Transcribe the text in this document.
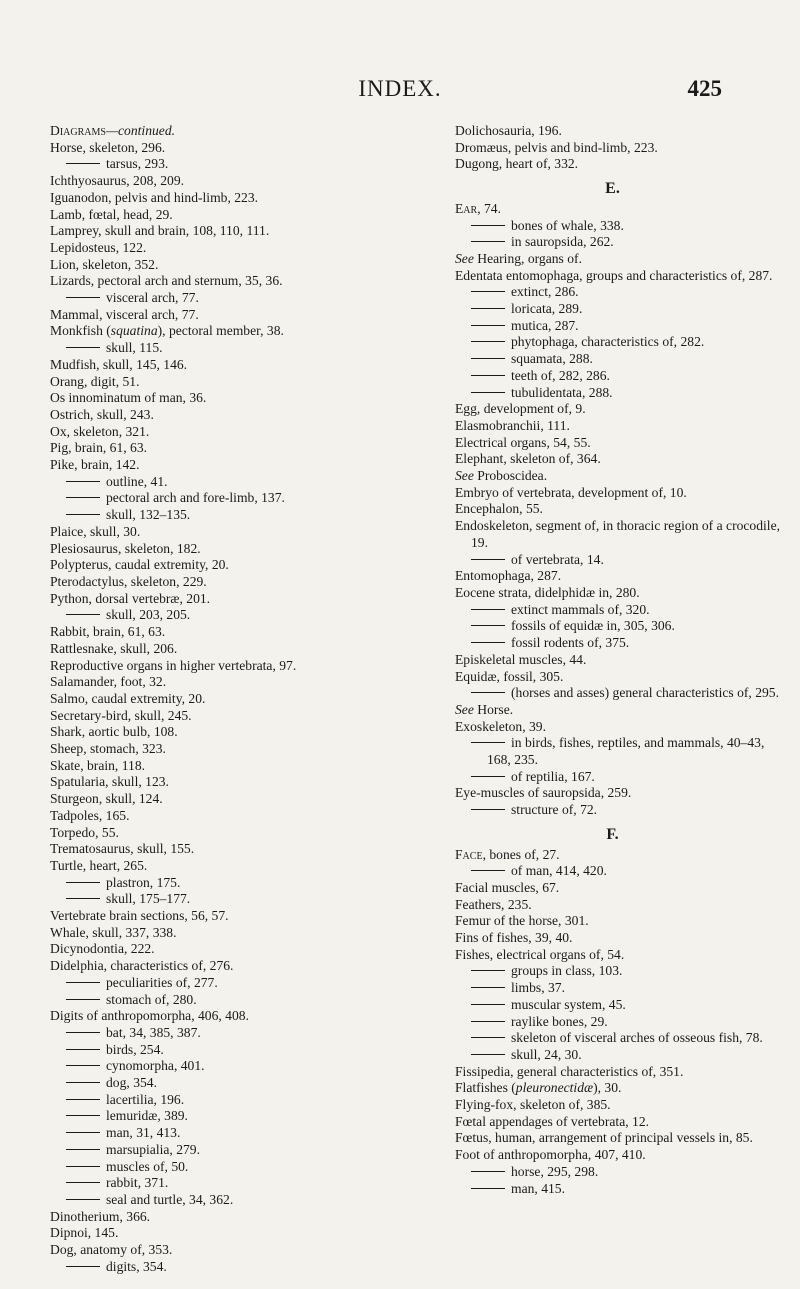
INDEX.	425
Diagrams—continued.
Horse, skeleton, 296.
tarsus, 293.
Ichthyosaurus, 208, 209.
Iguanodon, pelvis and hind-limb, 223.
Lamb, fœtal, head, 29.
Lamprey, skull and brain, 108, 110, 111.
Lepidosteus, 122.
Lion, skeleton, 352.
Lizards, pectoral arch and sternum, 35, 36.
visceral arch, 77.
Mammal, visceral arch, 77.
Monkfish (squatina), pectoral member, 38.
skull, 115.
Mudfish, skull, 145, 146.
Orang, digit, 51.
Os innominatum of man, 36.
Ostrich, skull, 243.
Ox, skeleton, 321.
Pig, brain, 61, 63.
Pike, brain, 142.
outline, 41.
pectoral arch and fore-limb, 137.
skull, 132–135.
Plaice, skull, 30.
Plesiosaurus, skeleton, 182.
Polypterus, caudal extremity, 20.
Pterodactylus, skeleton, 229.
Python, dorsal vertebræ, 201.
skull, 203, 205.
Rabbit, brain, 61, 63.
Rattlesnake, skull, 206.
Reproductive organs in higher vertebrata, 97.
Salamander, foot, 32.
Salmo, caudal extremity, 20.
Secretary-bird, skull, 245.
Shark, aortic bulb, 108.
Sheep, stomach, 323.
Skate, brain, 118.
Spatularia, skull, 123.
Sturgeon, skull, 124.
Tadpoles, 165.
Torpedo, 55.
Trematosaurus, skull, 155.
Turtle, heart, 265.
plastron, 175.
skull, 175–177.
Vertebrate brain sections, 56, 57.
Whale, skull, 337, 338.
Dicynodontia, 222.
Didelphia, characteristics of, 276.
peculiarities of, 277.
stomach of, 280.
Digits of anthropomorpha, 406, 408.
bat, 34, 385, 387.
birds, 254.
cynomorpha, 401.
dog, 354.
lacertilia, 196.
lemuridæ, 389.
man, 31, 413.
marsupialia, 279.
muscles of, 50.
rabbit, 371.
seal and turtle, 34, 362.
Dinotherium, 366.
Dipnoi, 145.
Dog, anatomy of, 353.
digits, 354.
Dolichosauria, 196.
Dromæus, pelvis and bind-limb, 223.
Dugong, heart of, 332.
E.
Ear, 74.
bones of whale, 338.
in sauropsida, 262.
See Hearing, organs of.
Edentata entomophaga, groups and characteristics of, 287.
extinct, 286.
loricata, 289.
mutica, 287.
phytophaga, characteristics of, 282.
squamata, 288.
teeth of, 282, 286.
tubulidentata, 288.
Egg, development of, 9.
Elasmobranchii, 111.
Electrical organs, 54, 55.
Elephant, skeleton of, 364.
See Proboscidea.
Embryo of vertebrata, development of, 10.
Encephalon, 55.
Endoskeleton, segment of, in thoracic region of a crocodile, 19.
of vertebrata, 14.
Entomophaga, 287.
Eocene strata, didelphidæ in, 280.
extinct mammals of, 320.
fossils of equidæ in, 305, 306.
fossil rodents of, 375.
Episkeletal muscles, 44.
Equidæ, fossil, 305.
(horses and asses) general characteristics of, 295.
See Horse.
Exoskeleton, 39.
in birds, fishes, reptiles, and mammals, 40–43, 168, 235.
of reptilia, 167.
Eye-muscles of sauropsida, 259.
structure of, 72.
F.
Face, bones of, 27.
of man, 414, 420.
Facial muscles, 67.
Feathers, 235.
Femur of the horse, 301.
Fins of fishes, 39, 40.
Fishes, electrical organs of, 54.
groups in class, 103.
limbs, 37.
muscular system, 45.
raylike bones, 29.
skeleton of visceral arches of osseous fish, 78.
skull, 24, 30.
Fissipedia, general characteristics of, 351.
Flatfishes (pleuronectidæ), 30.
Flying-fox, skeleton of, 385.
Fœtal appendages of vertebrata, 12.
Fœtus, human, arrangement of principal vessels in, 85.
Foot of anthropomorpha, 407, 410.
horse, 295, 298.
man, 415.
